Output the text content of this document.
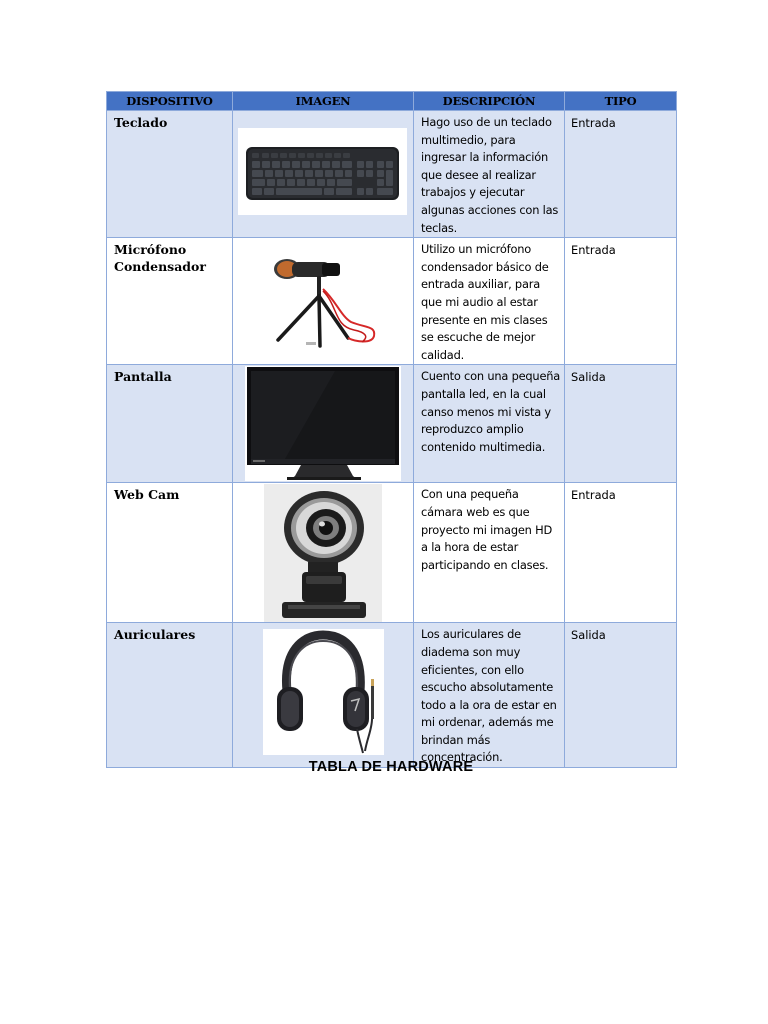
DISPOSITIVO	IMAGEN	DESCRIPCIÓN	TIPO
Teclado		Hago uso de un teclado multimedio, para ingresar la información que desee al realizar trabajos y ejecutar algunas acciones con las teclas.	Entrada
Micrófono Condensador		Utilizo un micrófono condensador básico de entrada auxiliar, para que mi audio al estar presente en mis clases se escuche de mejor calidad.	Entrada
Pantalla		Cuento con una pequeña pantalla led, en la cual canso menos mi vista y reproduzco amplio contenido multimedia.	Salida
Web Cam		Con una pequeña cámara web es que proyecto mi imagen HD a la hora de estar participando en clases.	Entrada
Auriculares		Los auriculares de diadema son muy eficientes, con ello escucho absolutamente todo a la ora de estar en mi ordenar, además me brindan más concentración.	Salida
TABLA DE HARDWARE
